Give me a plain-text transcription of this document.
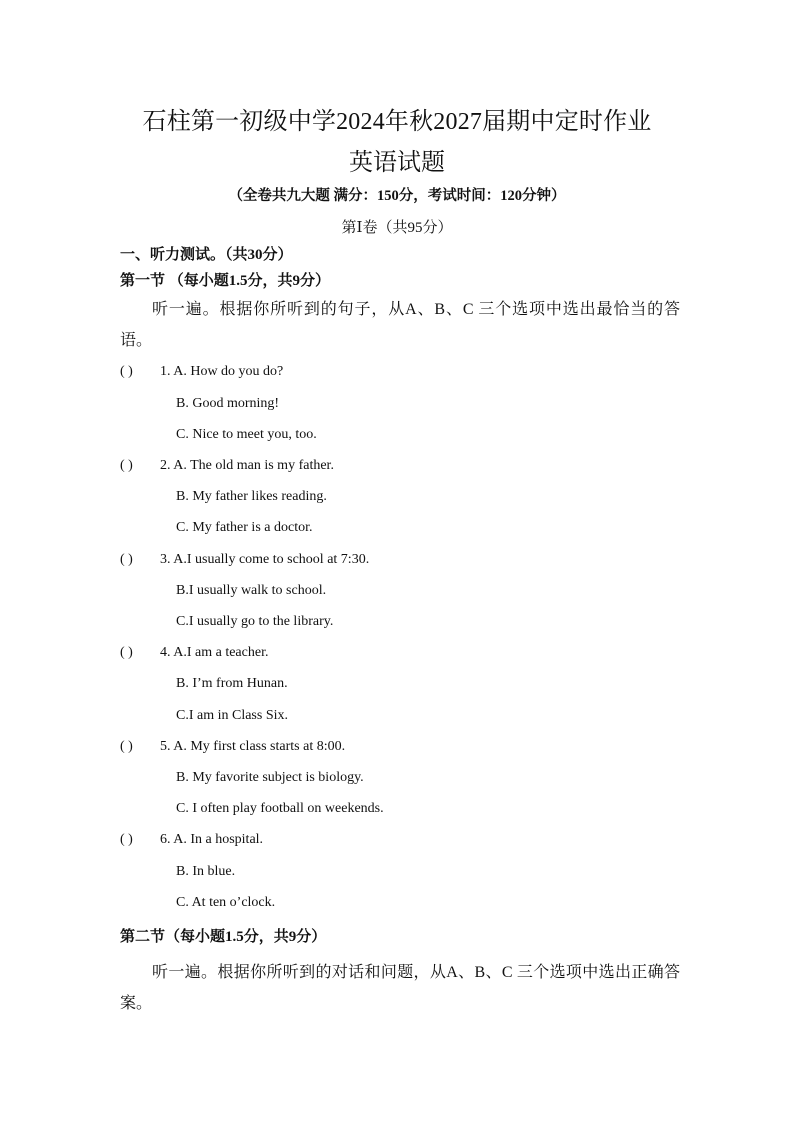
石柱第一初级中学2024年秋2027届期中定时作业
英语试题
（全卷共九大题 满分：150分，考试时间：120分钟）
第Ⅰ卷（共95分）
一、听力测试。（共30分）
第一节 （每小题1.5分，共9分）
听一遍。根据你所听到的句子，从A、B、C 三个选项中选出最恰当的答语。
( ) 1. A. How do you do?
B. Good morning!
C. Nice to meet you, too.
( ) 2. A. The old man is my father.
B. My father likes reading.
C. My father is a doctor.
( ) 3. A.I usually come to school at 7:30.
B.I usually walk to school.
C.I usually go to the library.
( ) 4. A.I am a teacher.
B. I’m from Hunan.
C.I am in Class Six.
( ) 5. A. My first class starts at 8:00.
B. My favorite subject is biology.
C. I often play football on weekends.
( ) 6. A. In a hospital.
B. In blue.
C. At ten o’clock.
第二节（每小题1.5分，共9分）
听一遍。根据你所听到的对话和问题，从A、B、C 三个选项中选出正确答案。
